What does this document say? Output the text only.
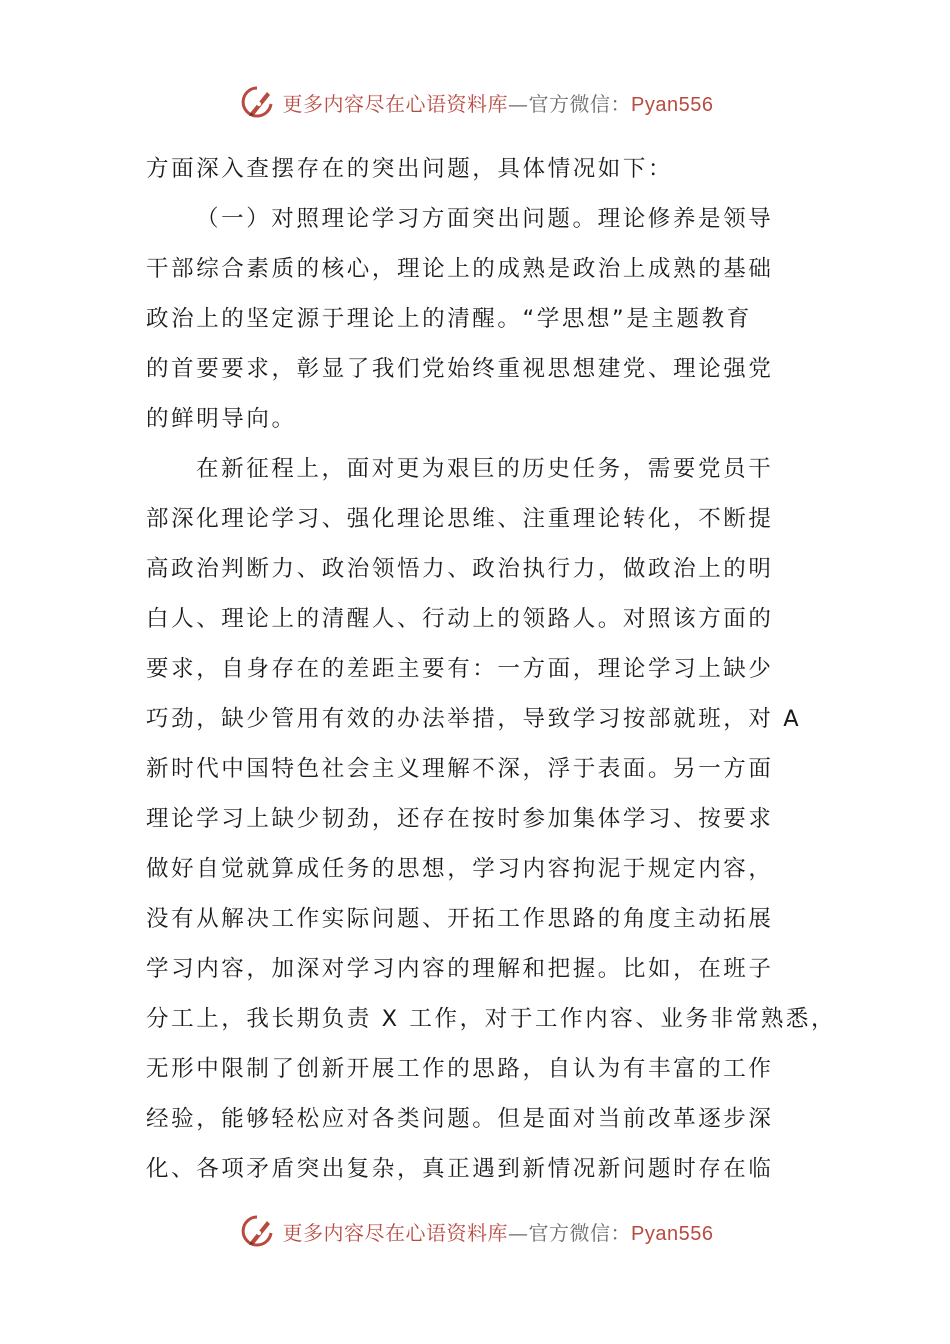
更多内容尽在心语资料库—官方微信：Pyan556
方面深入查摆存在的突出问题，具体情况如下：
（一）对照理论学习方面突出问题。理论修养是领导
干部综合素质的核心，理论上的成熟是政治上成熟的基础
政治上的坚定源于理论上的清醒。“学思想”是主题教育
的首要要求，彰显了我们党始终重视思想建党、理论强党
的鲜明导向。
在新征程上，面对更为艰巨的历史任务，需要党员干
部深化理论学习、强化理论思维、注重理论转化，不断提
高政治判断力、政治领悟力、政治执行力，做政治上的明
白人、理论上的清醒人、行动上的领路人。对照该方面的
要求，自身存在的差距主要有：一方面，理论学习上缺少
巧劲，缺少管用有效的办法举措，导致学习按部就班，对 A
新时代中国特色社会主义理解不深，浮于表面。另一方面
理论学习上缺少韧劲，还存在按时参加集体学习、按要求
做好自觉就算成任务的思想，学习内容拘泥于规定内容，
没有从解决工作实际问题、开拓工作思路的角度主动拓展
学习内容，加深对学习内容的理解和把握。比如，在班子
分工上，我长期负责 X 工作，对于工作内容、业务非常熟悉，
无形中限制了创新开展工作的思路，自认为有丰富的工作
经验，能够轻松应对各类问题。但是面对当前改革逐步深
化、各项矛盾突出复杂，真正遇到新情况新问题时存在临
更多内容尽在心语资料库—官方微信：Pyan556
